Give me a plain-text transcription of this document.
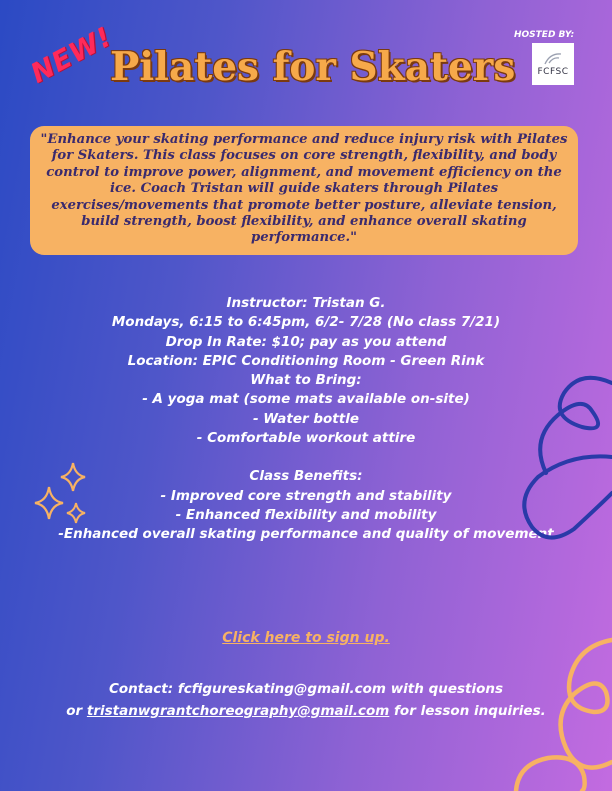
NEW!
Pilates for Skaters
HOSTED BY:
FCFSC

"Enhance your skating performance and reduce injury risk with Pilates for Skaters. This class focuses on core strength, flexibility, and body control to improve power, alignment, and movement efficiency on the ice. Coach Tristan will guide skaters through Pilates exercises/movements that promote better posture, alleviate tension, build strength, boost flexibility, and enhance overall skating performance."

Instructor: Tristan G.
Mondays, 6:15 to 6:45pm, 6/2- 7/28 (No class 7/21)
Drop In Rate: $10; pay as you attend
Location: EPIC Conditioning Room - Green Rink
What to Bring:
- A yoga mat (some mats available on-site)
- Water bottle
- Comfortable workout attire
Class Benefits:
- Improved core strength and stability
- Enhanced flexibility and mobility
-Enhanced overall skating performance and quality of movement
Click here to sign up.
Contact: fcfigureskating@gmail.com with questions
or tristanwgrantchoreography@gmail.com for lesson inquiries.
